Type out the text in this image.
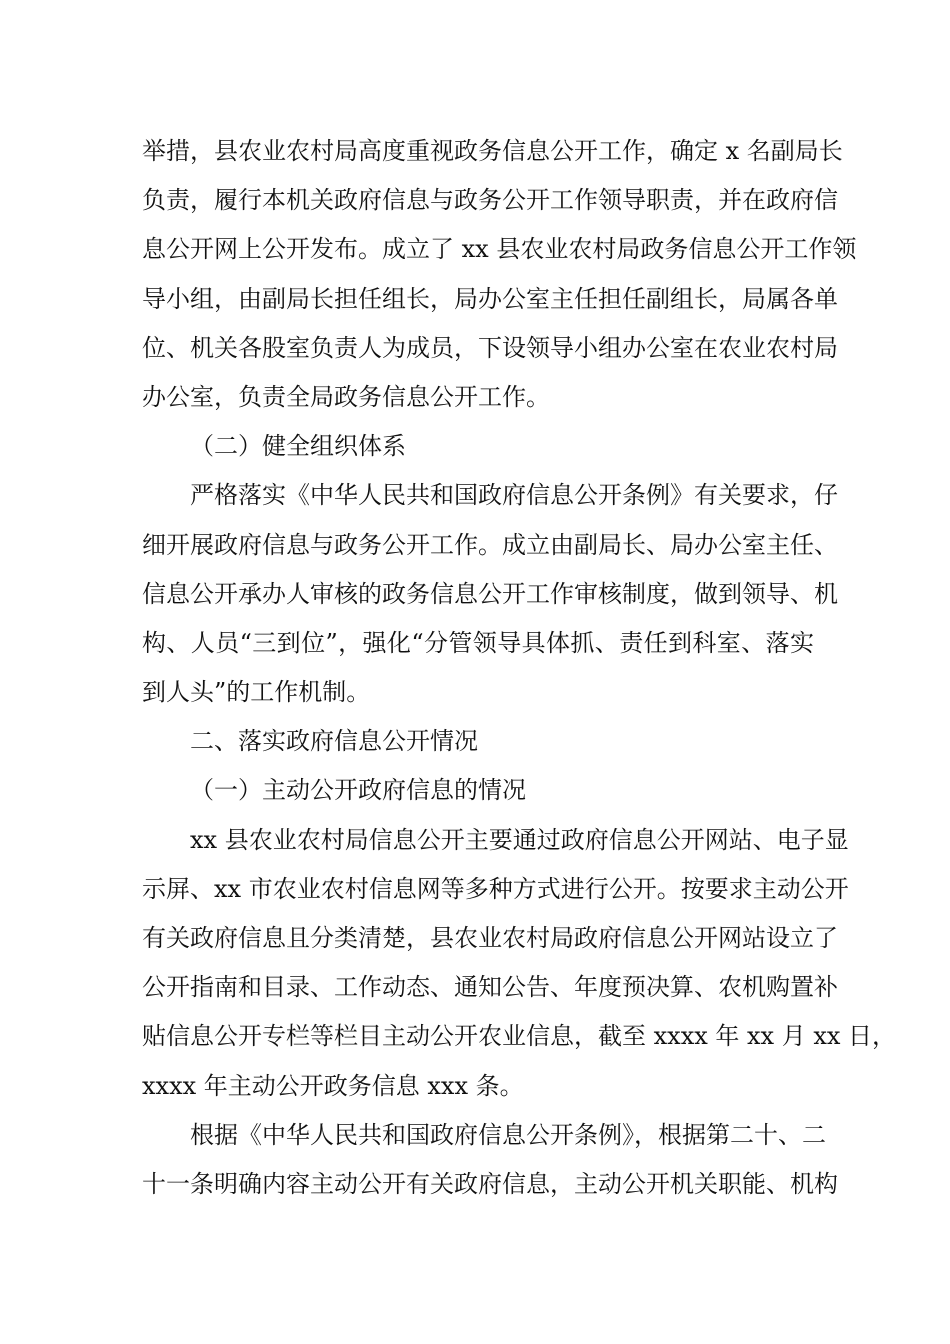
举措，县农业农村局高度重视政务信息公开工作，确定 x 名副局长
负责，履行本机关政府信息与政务公开工作领导职责，并在政府信
息公开网上公开发布。成立了 xx 县农业农村局政务信息公开工作领
导小组，由副局长担任组长，局办公室主任担任副组长，局属各单
位、机关各股室负责人为成员，下设领导小组办公室在农业农村局
办公室，负责全局政务信息公开工作。
（二）健全组织体系
严格落实《中华人民共和国政府信息公开条例》有关要求，仔
细开展政府信息与政务公开工作。成立由副局长、局办公室主任、
信息公开承办人审核的政务信息公开工作审核制度，做到领导、机
构、人员“三到位”，强化“分管领导具体抓、责任到科室、落实
到人头”的工作机制。
二、落实政府信息公开情况
（一）主动公开政府信息的情况
xx 县农业农村局信息公开主要通过政府信息公开网站、电子显
示屏、xx 市农业农村信息网等多种方式进行公开。按要求主动公开
有关政府信息且分类清楚，县农业农村局政府信息公开网站设立了
公开指南和目录、工作动态、通知公告、年度预决算、农机购置补
贴信息公开专栏等栏目主动公开农业信息，截至 xxxx 年 xx 月 xx 日，
xxxx 年主动公开政务信息 xxx 条。
根据《中华人民共和国政府信息公开条例》，根据第二十、二
十一条明确内容主动公开有关政府信息，主动公开机关职能、机构
